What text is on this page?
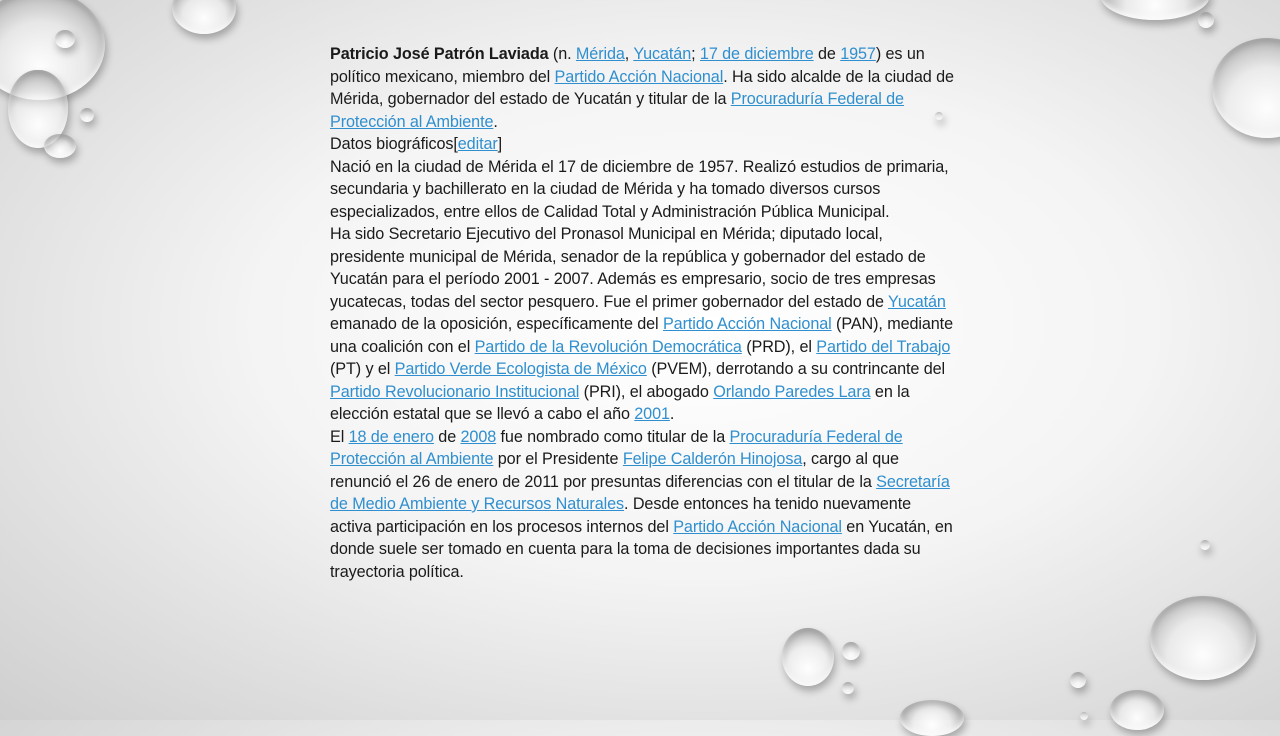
Patricio José Patrón Laviada (n. Mérida, Yucatán; 17 de diciembre de 1957) es un político mexicano, miembro del Partido Acción Nacional. Ha sido alcalde de la ciudad de Mérida, gobernador del estado de Yucatán y titular de la Procuraduría Federal de Protección al Ambiente.

Datos biográficos[editar]

Nació en la ciudad de Mérida el 17 de diciembre de 1957. Realizó estudios de primaria, secundaria y bachillerato en la ciudad de Mérida y ha tomado diversos cursos especializados, entre ellos de Calidad Total y Administración Pública Municipal.

Ha sido Secretario Ejecutivo del Pronasol Municipal en Mérida; diputado local, presidente municipal de Mérida, senador de la república y gobernador del estado de Yucatán para el período 2001 - 2007. Además es empresario, socio de tres empresas yucatecas, todas del sector pesquero. Fue el primer gobernador del estado de Yucatán emanado de la oposición, específicamente del Partido Acción Nacional (PAN), mediante una coalición con el Partido de la Revolución Democrática (PRD), el Partido del Trabajo (PT) y el Partido Verde Ecologista de México (PVEM), derrotando a su contrincante del Partido Revolucionario Institucional (PRI), el abogado Orlando Paredes Lara en la elección estatal que se llevó a cabo el año 2001.

El 18 de enero de 2008 fue nombrado como titular de la Procuraduría Federal de Protección al Ambiente por el Presidente Felipe Calderón Hinojosa, cargo al que renunció el 26 de enero de 2011 por presuntas diferencias con el titular de la Secretaría de Medio Ambiente y Recursos Naturales. Desde entonces ha tenido nuevamente activa participación en los procesos internos del Partido Acción Nacional en Yucatán, en donde suele ser tomado en cuenta para la toma de decisiones importantes dada su trayectoria política.
